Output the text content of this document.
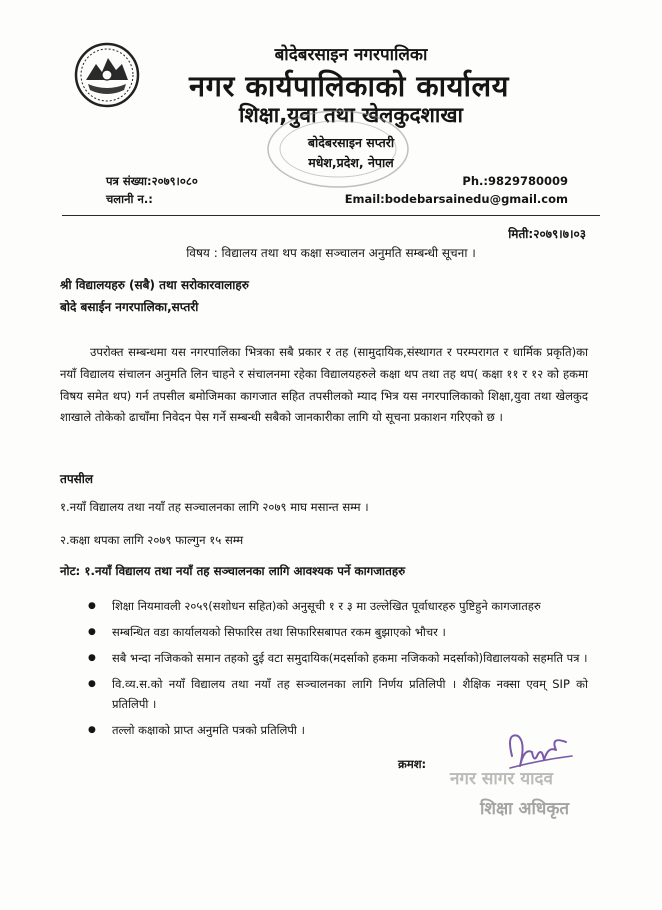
बोदेबरसाइन नगरपालिका
नगर कार्यपालिकाको कार्यालय
शिक्षा,युवा तथा खेलकुदशाखा
बोदेबरसाइन सप्तरी
मधेश,प्रदेश, नेपाल
पत्र संख्या:२०७९।०८०
चलानी न.:
Ph.:9829780009
Email:bodebarsainedu@gmail.com
मिती:२०७९।७।०३
विषय : विद्यालय तथा थप कक्षा सञ्चालन अनुमति सम्बन्धी सूचना ।
श्री विद्यालयहरु (सबै) तथा सरोकारवालाहरु
बोदे बसाईन नगरपालिका,सप्तरी
उपरोक्त सम्बन्धमा यस नगरपालिका भित्रका सबै प्रकार र तह (सामुदायिक,संस्थागत र परम्परागत र धार्मिक प्रकृति)का नयाँ विद्यालय संचालन अनुमति लिन चाहने र संचालनमा रहेका विद्यालयहरुले कक्षा थप तथा तह थप( कक्षा ११ र १२ को हकमा विषय समेत थप) गर्न तपसील बमोजिमका कागजात सहित तपसीलको म्याद भित्र यस नगरपालिकाको शिक्षा,युवा तथा खेलकुद शाखाले तोकेको ढाचाँमा निवेदन पेस गर्ने सम्बन्धी सबैको जानकारीका लागि यो सूचना प्रकाशन गरिएको छ ।
तपसील
१.नयाँ विद्यालय तथा नयाँ तह सञ्चालनका लागि २०७९ माघ मसान्त सम्म ।
२.कक्षा थपका लागि २०७९ फाल्गुन १५ सम्म
नोट: १.नयाँ विद्यालय तथा नयाँ तह सञ्चालनका लागि आवश्यक पर्ने कागजातहरु
● शिक्षा नियमावली २०५९(सशोधन सहित)को अनुसूची १ र ३ मा उल्लेखित पूर्वाधारहरु पुष्टिहुने कागजातहरु
● सम्बन्धित वडा कार्यालयको सिफारिस तथा सिफारिसबापत रकम बुझाएको भौचर ।
● सबै भन्दा नजिकको समान तहको दुई वटा समुदायिक(मदर्साको हकमा नजिकको मदर्साको)विद्यालयको सहमति पत्र ।
● वि.व्य.स.को नयाँ विद्यालय तथा नयाँ तह सञ्चालनका लागि निर्णय प्रतिलिपी । शैक्षिक नक्सा एवम् SIP को प्रतिलिपी ।
● तल्लो कक्षाको प्राप्त अनुमति पत्रको प्रतिलिपी ।
क्रमश:
नगर सागर यादव
शिक्षा अधिकृत
